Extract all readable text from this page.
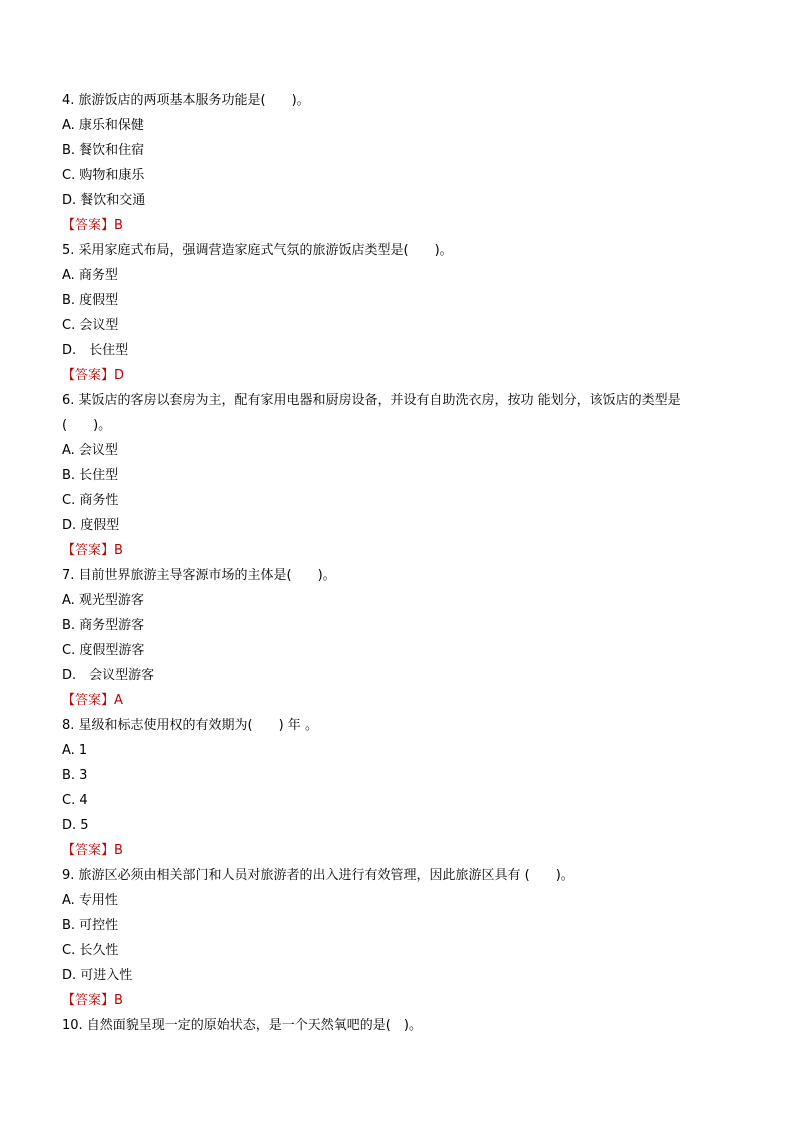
4. 旅游饭店的两项基本服务功能是(　　)。
A. 康乐和保健
B. 餐饮和住宿
C. 购物和康乐
D. 餐饮和交通
【答案】B
5. 采用家庭式布局，强调营造家庭式气氛的旅游饭店类型是(　　)。
A. 商务型
B. 度假型
C. 会议型
D.　长住型
【答案】D
6. 某饭店的客房以套房为主，配有家用电器和厨房设备，并设有自助洗衣房，按功 能划分，该饭店的类型是
(　　)。
A. 会议型
B. 长住型
C. 商务性
D. 度假型
【答案】B
7. 目前世界旅游主导客源市场的主体是(　　)。
A. 观光型游客
B. 商务型游客
C. 度假型游客
D.　会议型游客
【答案】A
8. 星级和标志使用权的有效期为(　　) 年 。
A. 1
B. 3
C. 4
D. 5
【答案】B
9. 旅游区必须由相关部门和人员对旅游者的出入进行有效管理，因此旅游区具有 (　　)。
A. 专用性
B. 可控性
C. 长久性
D. 可进入性
【答案】B
10. 自然面貌呈现一定的原始状态，是一个天然氧吧的是(　)。
